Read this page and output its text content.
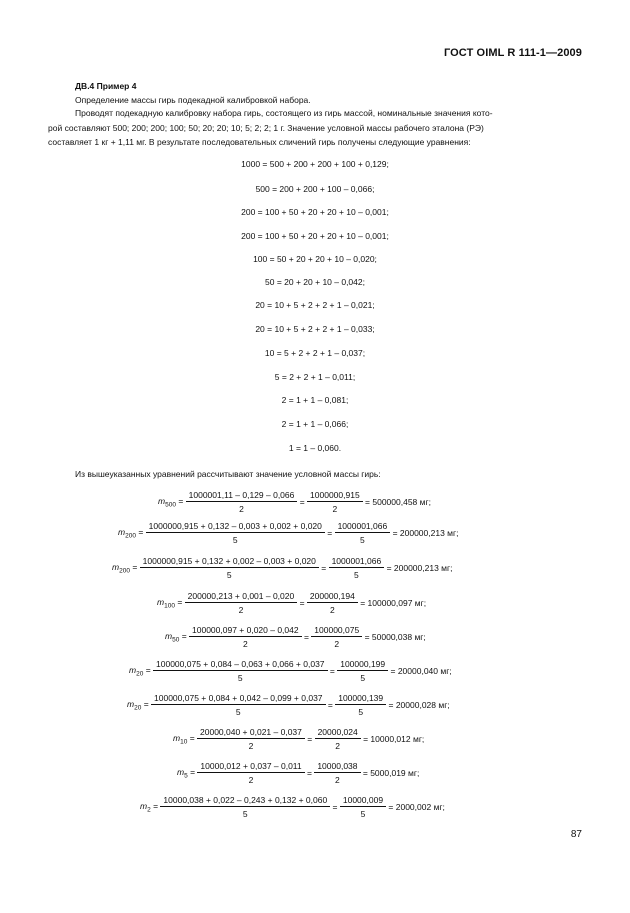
ГОСТ OIML R 111-1—2009
ДВ.4 Пример 4
Определение массы гирь подекадной калибровкой набора.
Проводят подекадную калибровку набора гирь, состоящего из гирь массой, номинальные значения кото-
рой составляют 500; 200; 200; 100; 50; 20; 20; 10; 5; 2; 2; 1 г. Значение условной массы рабочего эталона (РЭ)
составляет 1 кг + 1,11 мг. В результате последовательных сличений гирь получены следующие уравнения:
1000 = 500 + 200 + 200 + 100 + 0,129;
500 = 200 + 200 + 100 – 0,066;
200 = 100 + 50 + 20 + 20 + 10 – 0,001;
200 = 100 + 50 + 20 + 20 + 10 – 0,001;
100 = 50 + 20 + 20 + 10 – 0,020;
50 = 20 + 20 + 10 – 0,042;
20 = 10 + 5 + 2 + 2 + 1 – 0,021;
20 = 10 + 5 + 2 + 2 + 1 – 0,033;
10 = 5 + 2 + 2 + 1 – 0,037;
5 = 2 + 2 + 1 – 0,011;
2 = 1 + 1 – 0,081;
2 = 1 + 1 – 0,066;
1 = 1 – 0,060.
Из вышеуказанных уравнений рассчитывают значение условной массы гирь:
$m_{500} = \frac{1000001,11 - 0,129 - 0,066}{2} = \frac{1000000,915}{2} = 500000,458$ мг;
$m_{200} = \frac{1000000,915 + 0,132 - 0,003 + 0,002 + 0,020}{5} = \frac{1000001,066}{5} = 200000,213$ мг;
$m_{200} = \frac{1000000,915 + 0,132 + 0,002 - 0,003 + 0,020}{5} = \frac{1000001,066}{5} = 200000,213$ мг;
$m_{100} = \frac{200000,213 + 0,001 - 0,020}{2} = \frac{200000,194}{2} = 100000,097$ мг;
$m_{50} = \frac{100000,097 + 0,020 - 0,042}{2} = \frac{100000,075}{2} = 50000,038$ мг;
$m_{20} = \frac{100000,075 + 0,084 - 0,063 + 0,066 + 0,037}{5} = \frac{100000,199}{5} = 20000,040$ мг;
$m_{20} = \frac{100000,075 + 0,084 + 0,042 - 0,099 + 0,037}{5} = \frac{100000,139}{5} = 20000,028$ мг;
$m_{10} = \frac{20000,040 + 0,021 - 0,037}{2} = \frac{20000,024}{2} = 10000,012$ мг;
$m_5 = \frac{10000,012 + 0,037 - 0,011}{2} = \frac{10000,038}{2} = 5000,019$ мг;
$m_2 = \frac{10000,038 + 0,022 - 0,243 + 0,132 + 0,060}{5} = \frac{10000,009}{5} = 2000,002$ мг;
87
